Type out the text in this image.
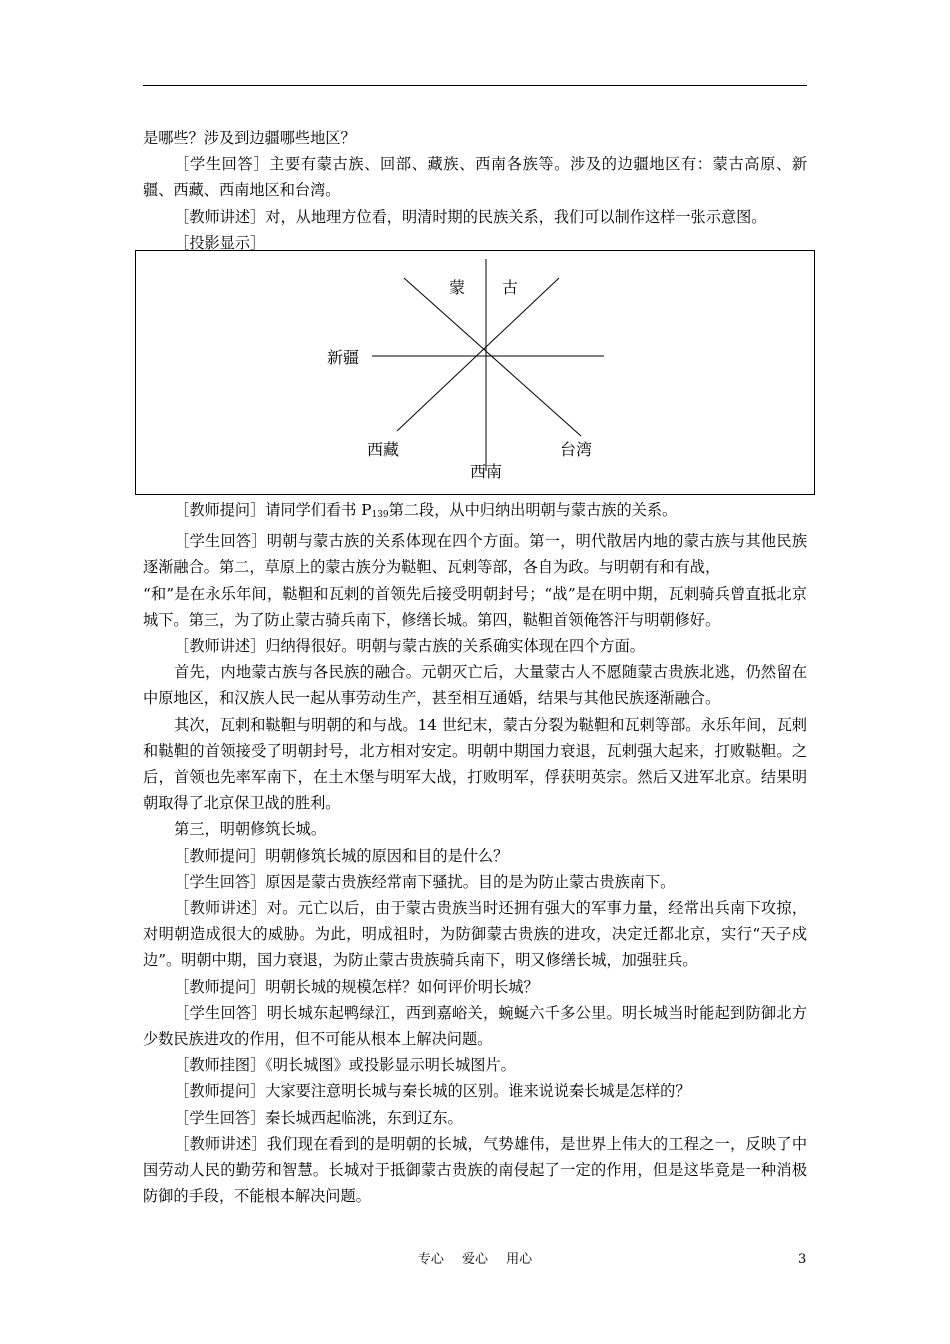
是哪些？涉及到边疆哪些地区？

［学生回答］主要有蒙古族、回部、藏族、西南各族等。涉及的边疆地区有：蒙古高原、新疆、西藏、西南地区和台湾。

［教师讲述］对，从地理方位看，明清时期的民族关系，我们可以制作这样一张示意图。

［投影显示］

蒙 古
新疆
西藏
西南
台湾

［教师提问］请同学们看书 $P_{139}$第二段，从中归纳出明朝与蒙古族的关系。

［学生回答］明朝与蒙古族的关系体现在四个方面。第一，明代散居内地的蒙古族与其他民族逐渐融合。第二，草原上的蒙古族分为鞑靼、瓦剌等部，各自为政。与明朝有和有战，

“和”是在永乐年间，鞑靼和瓦剌的首领先后接受明朝封号；“战”是在明中期，瓦剌骑兵曾直抵北京城下。第三，为了防止蒙古骑兵南下，修缮长城。第四，鞑靼首领俺答汗与明朝修好。

［教师讲述］归纳得很好。明朝与蒙古族的关系确实体现在四个方面。

首先，内地蒙古族与各民族的融合。元朝灭亡后，大量蒙古人不愿随蒙古贵族北逃，仍然留在中原地区，和汉族人民一起从事劳动生产，甚至相互通婚，结果与其他民族逐渐融合。

其次，瓦剌和鞑靼与明朝的和与战。14 世纪末，蒙古分裂为鞑靼和瓦剌等部。永乐年间，瓦剌和鞑靼的首领接受了明朝封号，北方相对安定。明朝中期国力衰退，瓦剌强大起来，打败鞑靼。之后，首领也先率军南下，在土木堡与明军大战，打败明军，俘获明英宗。然后又进军北京。结果明朝取得了北京保卫战的胜利。

第三，明朝修筑长城。

［教师提问］明朝修筑长城的原因和目的是什么？

［学生回答］原因是蒙古贵族经常南下骚扰。目的是为防止蒙古贵族南下。

［教师讲述］对。元亡以后，由于蒙古贵族当时还拥有强大的军事力量，经常出兵南下攻掠，对明朝造成很大的威胁。为此，明成祖时，为防御蒙古贵族的进攻，决定迁都北京，实行“天子戍边”。明朝中期，国力衰退，为防止蒙古贵族骑兵南下，明又修缮长城，加强驻兵。

［教师提问］明朝长城的规模怎样？如何评价明长城？

［学生回答］明长城东起鸭绿江，西到嘉峪关，蜿蜒六千多公里。明长城当时能起到防御北方少数民族进攻的作用，但不可能从根本上解决问题。

［教师挂图］《明长城图》或投影显示明长城图片。

［教师提问］大家要注意明长城与秦长城的区别。谁来说说秦长城是怎样的？

［学生回答］秦长城西起临洮，东到辽东。

［教师讲述］我们现在看到的是明朝的长城，气势雄伟，是世界上伟大的工程之一，反映了中国劳动人民的勤劳和智慧。长城对于抵御蒙古贵族的南侵起了一定的作用，但是这毕竟是一种消极防御的手段，不能根本解决问题。

专心 爱心 用心	3
